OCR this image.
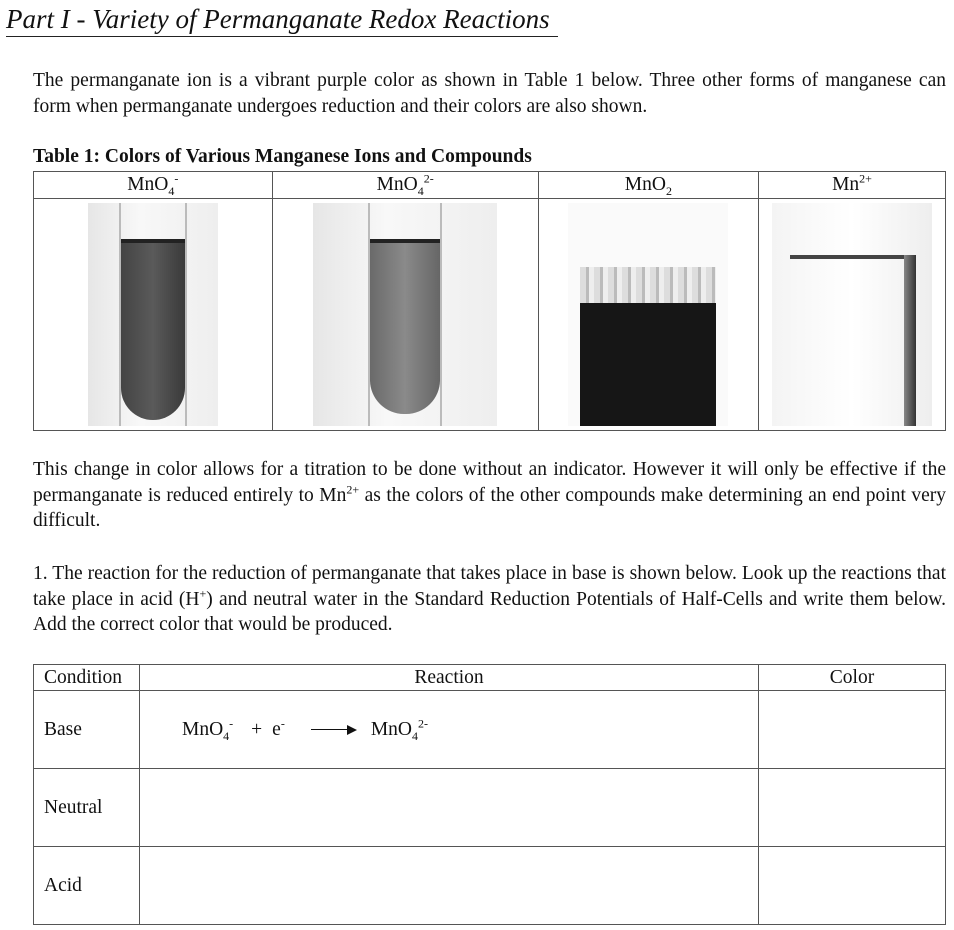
Part I - Variety of Permanganate Redox Reactions
The permanganate ion is a vibrant purple color as shown in Table 1 below. Three other forms of manganese can form when permanganate undergoes reduction and their colors are also shown.
Table 1: Colors of Various Manganese Ions and Compounds
MnO$_4$-	MnO$_4^{2-}$	MnO$_2$	$Mn^{2+}$

This change in color allows for a titration to be done without an indicator. However it will only be effective if the permanganate is reduced entirely to $Mn^{2+}$ as the colors of the other compounds make determining an end point very difficult.
1. The reaction for the reduction of permanganate that takes place in base is shown below. Look up the reactions that take place in acid (H+) and neutral water in the Standard Reduction Potentials of Half-Cells and write them below. Add the correct color that would be produced.
Condition	Reaction	Color
Base	MnO$_4$- + e- MnO$_4^{2-}$	
Neutral		
Acid		
